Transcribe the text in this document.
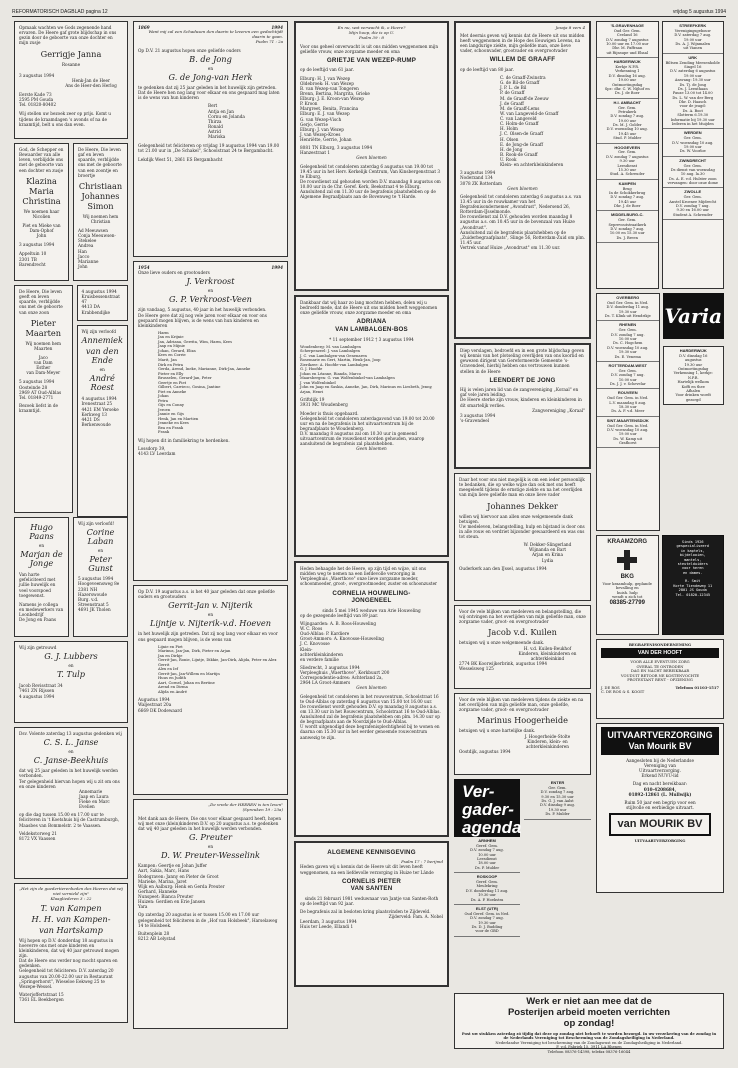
REFORMATORISCH DAGBLAD pagina 12	vrijdag 5 augustus 1994
Opmaak wachten we Gods zegenende hand ervaren. De Heere gaf grote blijdschap in ons gezin door de geboorte van onze dochter en mijn zusje
Gerrigje Janna
Rosanne
3 augustus 1994
Henk-Jan de Heer
Ans de Heer-den Herlog
Eerste Kade 73
2595 PM Gouda
Tel. 01820-80402
Wij stellen uw bezoek zeer op prijs. Komt u tijdens de kraamdagen 's avonds of na de kraamtijd, belt u ons dan even.
God, de Schepper en Bewaarder van alle leven, verblijdde ons met de geboorte van een dochter en zusje
Klazina Maria Christina
We noemen haar Nicolien
Piet en Mieke van Dam-Ophof
John
3 augustus 1994
Appeltuin 10
2301 TB Barendrecht
De Heere, Die leven gaf en leven spaarde, verblijdde ons met de geboorte van een zoontje en broertje
Christiaan Johannes Simon
Wij noemen hem Christian
Ad Meeuwsen
Conja Meeuwsen-Stekelee
Andrea
Han
Jacco
Marianne
John
De Heere, Die leven geeft en leven spaarde, verblijdde ons met de geboorte van onze zoon
Pieter Maarten
Wij noemen hem Maarten
Jaco
van Dam
Esther
van Dam-Meyer
5 augustus 1994
Oosteinde 28
2969 AT Oud-Alblas
Tel. 01849-2771
Bezoek liefst in de kraamtijd.
4 augustus 1994
Kruisbessenstraat 47
4413 DA
Krabbendijke
Wij zijn verloofd
Annemiek
van den Ende
en
André Roest
4 augustus 1994
Irenestraat 25
4421 EM Yerseke
Kerkweg 13
4421 DS
Berkenwoude
Hugo Paans
en
Marjan de Jonge
Van harte gefeliciteerd met jullie huwelijk en veel voorspoed toegewenst.
Namens je collega en medewerkers van Loonbedrijf
De Jong en Paans
Wij zijn verloofd!
Corine Laban
en
Peter Gunst
5 augustus 1994
Hoogeveensweg 8e
2381 NH
Hazerswoude
Burg. v.d.
Streenstraat 5
4691 JK Tholen
Wij zijn getrouwd
G. J. Lubbers
en
T. Tulp
Jacob Revisstraat 34
7461 ZN Rijssen
4 augustus 1994
Dsv. Volente zaterdag 13 augustus gedenken wij
C. S. L. Janse
en
C. Janse-Beekhuis
dat wij 25 jaar geleden in het huwelijk werden verbonden.
Ter gelegenheid hiervan hopen wij u zit om ons en onze kinderen
Annemarie
Jaap en Laura
Fieke en Marc
Evelien
op die dag tussen 15.00 en 17.00 uur te feliciteren in 't Koetshuis bij de Castrumburgh, Maasbes van Bommelstr. 2 te Vaassen.
Veldekstorweg 21
8172 VX Vaassen
„Het zijn de goedertierenheden des Heeren dat wij niet vernield zijn"
Klaagliederen 3 : 22
T. van Kampen
H. H. van Kampen-
van Hartskamp
Wij hopen op D.V. donderdag 18 augustus in hoeverre ons met onze kinderen en kleinkinderen, dat wij 40 jaar getrouwd mogen zijn.
Dat de Heere ons verder nog mocht sparen en gedenken.
Gelegenheid tot feliciteren: D.V. zaterdag 20 augustus van 20.00-22.00 uur in Restaurant „Springerhorst", Wieseloe Eekweg 25 te Wezepe-Wessel.
Waterjoffertstraat 15
7361 EL Beekbergen
1869	1994
Want mij zal een Schadusen den daarin te leveren een gedachtijdt daarin te gaan.
Psalm 71 : 2a
Op D.V. 21 augustus hopen onze geliefde ouders
B. de Jong
en
G. de Jong-van Herk
te gedenken dat zij 25 jaar geleden in het huwelijk zijn getreden.
Dat de Heere hen nog lang voor elkaar en ons gespaard mag laten is de wens van hun kinderen
Bert
Antja en Jan
Cornu en Jolanda
Thirza
Ronald
Astrid
Mariska
Gelegenheid tot feliciteren op vrijdag 19 augustus 1994 van 19.00 tot 21.00 uur in „De Schakel", Schoolstraat 24 te Bergambacht.
Lekdijk West 51, 2861 ES Bergambacht
1954	1994
Onze lieve ouders en grootouders
J. Verkroost
en
G. P. Verkroost-Veen
zijn vandaag, 5 augustus, 40 jaar in het huwelijk verbonden.
De Heere geve dat zij nog vele jaren voor elkaar en voor ons gespaard mogen blijven, is de wens van hun kinderen en kleinkinderen
Harm
Jan en Krijnie
Jan, Adriana, Gerrita, Wim, Harm, Kees
Jaap en Mijnie
Johan, Gerard, Eliza
Kees en Corrie
Marit, Jan
Dirk en Petra
Gerda, Arend, Ineke, Marianne, Dirk-Jan, Anneke
Pieter en Elly
Brusselen, Gerard-Jan, Peter
Geertje en Piet
Gilbert, Carrieco, Gosina, Jantine
Piet en Anneke
Johan
Petra
Gijs en Conny
Jeroen
Jannie en Gijs
Henk, Jan en Martien
Jenneke en Kees
Bea en Frank
Frank
Wij hopen dit in familiekring te herdenken.
Lossdorp 39,
4143 LV Leerdam
Op D.V. 19 augustus a.s. is het 40 jaar geleden dat onze geliefde ouders en grootouders
Gerrit-Jan v. Nijterik
en
Lijntje v. Nijterik-v.d. Hoeven
in het huwelijk zijn getreden. Dat zij nog lang voor elkaar en voor ons gespaard mogen blijven, is de wens van
Lijnie en Piet
Marinus, Jan-Jan, Dirk, Pieter en Arjan
Jan en Dirkje
Gerrit-Jan, Ronie, Lijntje, Dikkie, Jan-Dirk, Alijda, Peter en Alex
Gerrit
Alex en Ief
Gerrit-Jan, Jan-Willem en Martijn
Huus en Judith
Aart, Cornel, Johan en Bertine
Arend en Dirma
Alijda en André
Augustus 1994
Waljestraat 20a
6669 DK Dodewaard
„De vrede der HEEREN is ten leven"
(Spreuken 19 : 23a)
Met dank aan de Heere, Die ons voor elkaar gespaard heeft, hopen wij met onze (klein)kinderen D.V. op 20 augustus a.s. te gedenken dat wij 40 jaar geleden in het huwelijk werden verbonden.
G. Preuter
en
D. W. Preuter-Wesselink
Kampen: Geertje en Johan Juffer
Aart, Sakia, Marc, Hans
Bodegraven: Janny en Pieter de Groot
Marieke, Marina, Jaret
Wijk en Aalburg: Henk en Gerda Preuter
Gerhard, Hanneke
Nunspeet: Bianca Preuter
Huizen: Gerdien en Erie Jansen
Yara
Op zaterdag 20 augustus is er tussen 15.00 en 17.00 uur gelegenheid tot feliciteren in de „Hof van Holsbeek", Harselaweg 14 te Holsbeek.
Buitenplein 28
8212 AB Lelystad
En nu, wat verwacht ik, o Heere?
Mijn hoop, die is op U.
Psalm 39 : 8
Voor ons geheel onverwacht is uit ons midden weggenomen mijn geliefde vrouw, onze zorgzame moeder en oma
GRIETJE VAN WEZEP-RUMP
op de leeftijd van 61 jaar.
Elburg: H. J. van Wezep
Oldebroek: H. van Wezep
B. van Wezep-van Tongeren
Brenn, Bertina, Margrita, Grieke
Elburg: J. E. Kroon-van Wezep
P. Kroon
Margreet, Benita, Francina
Elburg: E. J. van Wezep
G. van Wezep-Visch
Gerjo, Gerrie
Elburg: J. van Wezep
J. van Wezep-Kroes
Henriëtte, Gerrie, Johan
8081 TN Elburg, 3 augustus 1994
Hanzestraat 1
Geen bloemen
Gelegenheid tot condoleren zaterdag 6 augustus van 19.00 tot 19.45 uur in het Herv. Kerkelijk Centrum, Van Kinsbergenstraat 3 te Elburg.
De rouwdienst zal gehouden worden D.V. maandag 8 augustus om 10.00 uur in de Chr. Geref. Kerk, Beekstraat 4 te Elburg.
Aansluitend zal om 11.30 uur de begrafenis plaatshebben op de Algemene Begraafplaats aan de Bovenweg te 't Harde.
Dankbaar dat wij haar zo lang mochten hebben, delen wij u bedroefd mede, dat de Heere uit ons midden heeft weggenomen onze geliefde vrouw, onze zorgzame moeder en oma
ADRIANA
VAN LAMBALGEN-BOS
* 11 september 1912 † 3 augustus 1994
Woudenberg: M. van Lambalgen
Scherpenzeel: J. van Lambalgen
J. C. van Lambalgen-van Oenenaren
Rosemarie en Gert, Martin, Henk-Jan, Joop
Zierikzee: A. Hoofde-van Lambalgen
G. J. Hoofde
Johan en Léanne, Rianda, Marco
Maarsbergen: G. van Wolfenbinkel-van Lambalgen
J. van Wolfenbinkel
John en Jaap en Saskia, Anneke, Jan, Dirk, Marinus en Liesbeth, Jenny, Arjan, Henri
Griftdijk 19
3931 MC Woudenberg
Moeder is thuis opgebaard.
Gelegenheid tot condoleren zaterdagavond van 19.00 tot 20.00 uur en na de begrafenis in het uitvaartcentrum bij de begraafplaats te Woudenberg.
D.V. maandag 8 augustus zal om 10.30 uur in gemeend uitvaartcentrum de rouwdienst worden gehouden, waarop aansluitend de begrafenis zal plaatshebben.
Geen bloemen
Heden behaagde het de Heere, op zijn tijd en wijze, uit ons midden weg te nemen na een liefdevolle verzorging in Verpleeghuis „Waerthove" onze lieve zorgzame moeder, schoonmoeder, groot-, overgrootmoeder, zuster en schoonzuster
CORNELIA HOUWELING-
JONGENEEL
sinds 5 mei 1945 weduwe van Arie Houweling
op de gezegende leeftijd van 89 jaar.
Wijngaarden: A. B. Roos-Houweling
W. C. Roos
Oud-Alblas: P. Kardiere
Groot-Ammers: A. Knovosse-Houweling
J. C. Knovosse
Klein-
achterkleinkinderen
en verdere familie
Sliedrecht, 3 augustus 1994
Verpleeghuis „Waerthove", Kerkbuurt 200
Correspondentie-adres: Achterland 2a,
2964 LA Groot-Ammers
Geen bloemen
Gelegenheid tot condoleren in het rouwcentrum, Schoolstraat 16 te Oud-Alblas op zaterdag 6 augustus van 15.00 tot 16.00 uur.
De rouwdienst wordt gehouden D.V. op maandag 8 augustus a.s. om 13.30 uur in het Rouwcentrum, Schoolstraat 16 te Oud-Alblas.
Aansluitend zal de begrafenis plaatshebben om plm. 14.30 uur op de begraafplaats aan de Noordzijde te Oud-Alblas.
U wordt uitgenodigd deze begrafenisplechtigheid bij te wonen en daarna om 15.30 uur in het eerder genoemde rouwcentrum aanwezig te zijn.
ALGEMENE KENNISGEVING
Psalm 17 : 7 berijmd
Heden gaven wij u kennis dat de Heere uit dit leven heeft weggenomen, na een liefdevolle verzorging in Huize ter Lände
CORNELIS PIETER
VAN SANTEN
sinds 21 februari 1981 weduwnaar van Jantje van Santen-Roth
op de leeftijd van 92 jaar.
De begrafenis zal in besloten kring plaatsvinden te Zijdeveld.
Zijderveld: Fam. A. Nobel
Leerdam, 3 augustus 1994
Huis ter Leede, Ellandi 1
Jesaja 8 vers 4
Met deernis geven wij kennis dat de Heere uit ons midden heeft weggenomen in de Hope des Eeuwigen Levens, na een langdurige ziekte, mijn geliefde man, onze lieve vader, schoonvader, grootvader en overgrootvader
WILLEM DE GRAAFF
op de leeftijd van 80 jaar.
C. de Graaff-Zwinstra
G. de Bil-de Graaff
J. P. L. de Bil
P. de Graaff
M. de Graaff-de Zeeuw
J. de Graaff
M. de Graaff-Lems
W. van Langeveld-de Graaff
C. van Langeveld
C. Holm-de Graaff
H. Holm
J. C. Olsen-de Graaff
H. Olsen
E. de Jong-de Graaff
H. de Jong
B. Rook-de Graaff
U. Rook
Klein- en achterkleinkinderen
3 augustus 1994
Noderzand 134
3078 ZK Rotterdam
Geen bloemen
Gelegenheid tot condoleren zaterdag 6 augustus a.s. van 13.45 uur in de rouwkamer van het Begrafenisondernemer „Avondrust", Nedersend 26, Rotterdam-IJsselmonde.
De rouwdienst zal D.V. gehouden worden maandag 8 augustus a.s. om 10.45 uur in de bovenzaal van Huize „Avondrust".
Aansluitend zal de begrafenis plaatshebben op de „Zuiderbegraafplaats", Slinge 56, Rotterdam-Zuid om plm. 11.45 uur.
Vertrek vanaf Huize „Avondrust" om 11.30 uur.
Diep verslagen, bedroefd en in een grote blijdschap geven wij kennis van het plotseling overlijden van ons koorlid en gewezen dirigent van Gereformeerde Gemeente 's-Gravendeel, hierbij hebben ons vertrouwen kunnen stellen in de Heere
LEENDERT DE JONG
Hij is velen jaren lid van de zangvereniging „Koraal" en gaf vele jaren leiding.
De Heere sterke zijn vrouw, kinderen en kleinkinderen in dit smartelijk verlies.
Zangvereniging „Koraal"
3 augustus 1994
's-Gravendeel
Daar het voor ons niet mogelijk is om een ieder persoonlijk te bedanken, die op welke wijze dan ook met ons heeft meegeleefd tijdens de ernstige ziekte en na het overlijden van mijn lieve geliefde man en onze lieve vader
Johannes Dekker
willen wij hiervoor aan allen onze welgemeende dank betuigen.
Uw medeleven, belangstelling, hulp en bijstand is door ons in alle rouw en verdriet bijzonder gewaardeerd en was ons tot steun.
W. Dekker-Slingerland
Wijnanda en Bart
Arjan en Krina
Lydia
Ouderkerk aan den IJssel, augustus 1994
Voor de vele blijken van medeleven en belangstelling, die wij ontvingen na het overlijden van mijn geliefde man, onze zorgzame vader, groot- en overgrootvader
Jacob v.d. Kuilen
betuigen wij u onze welgemeende dank.
H. v.d. Kuilen-Beukhof
Kinderen, kleinkinderen en achterkleinkind
2774 BK Koorwijkerbrink, augustus 1994
Wesselsweg 125
Voor de vele blijken van medeleven tijdens de ziekte en na het overlijden van mijn geliefde man, onze geliefde, zorgzame vader, groot- en overgrootvader
Marinus Hoogerheide
betuigen wij u onze hartelijke dank.
J. Hoogerheide-Stolte
Kinderen, klein- en achterkleinkinderen
Oostdijk, augustus 1994
Ver-
gader-
agenda
ARNHEM
Geref. Gem.
D.V. zondag 7 aug.
10.00 uur
Leesdienst
18.00 uur
Ds. P. Mulder
ROSKOOP
Geref. Gem.
Meulekring
D.V. donderdag 11 aug.
19.30 uur
Ds. A. P. Hoekstra
ELST (UTR)
Oud Geref. Gem. in Ned.
D.V. zondag 7 aug.
19.30 uur
Ds. D. J. Budding
voor de GBD
ENTER
Ger. Gem.
D.V. zondag 7 aug.
9.30 en 15.30 uur
Ds. G. J. van Aalst
D.V. dinsdag 9 aug.
19.30 uur
Ds. P. Mulder
'S-GRAVENHAGE
Oud Ger. Gem.
Ceeland 16
D.V. zondag 7 augustus
10.00 uur en 17.00 uur
Dhr. M. Paffraan
uit Rijnsupe und Ebaal
HARDERWIJK
Kerkje N.P.R.
Verkenning 1
D.V. dinsdag 16 aug.
19.00 uur
Ontmoetingsdag
Spr.: dhr. C. W. Nijhof en
Ds. J. de Boer
H.I. AMBACHT
Ger. Gem.
Petrakerk
D.V. zondag 7 aug.
19.00 uur
Ds. M. J. Golder
D.V. woensdag 10 aug.
19.45 uur
Stud. P. Mulder
HOOGEVEEN
Ger. Gem.
D.V. zondag 7 augustus
9.30 uur
Leesdienst
15.30 uur
Stud. A. Schreuder
KAMPEN
Brug
In de Schokkerbrug
D.V. zondag 7 aug.
19.45 uur
Dhr. J. de Boer
MIDDELBURG-C.
Ger. Gem.
Seprevoutstraatkerk
D.V. zondag 7 aug.
10.00 en 15.30 uur
Ds. J. Breen
STREEFKERK
Verenigingsgebouw
D.V. zaterdag 7 aug.
19.00 uur
Ds. A. J. Wijnmalen
uit Vianen
URK
Biltsen Zending Meesenholde
Singel 16
D.V. zaterdag 6 augustus
19.00 uur
Ansvang: 19.30 uur
Ds. Tj. de Jong
Ds. J. Leeuthaan
Pauze 13.00 tot 14.00
Ds. L. W. van der Berg
Dhr. D. Haasch
voor de jeugd:
Ds. A. Boot
Slotterm 6.19.30
Informatie bij 19.30 uur
Iederen in het Muijden
WERDEN
Ger. Gem.
D.V. woensdag 10 aug.
19.00 uur
Ds. W. Voorloe
ZWINDRECHT
Ger. Gem.
Ds dienst van woensdag
10 aug. la.30
Ds. A. E. v.d. Hulster zoon
vervangen: door ozue dome
ZWOLLE
Ger. Gem.
Anstel Kroenee Mijdrecht
D.V. zondag 7 aug.
9.30 en 16.00 uur
Student A. Schreuder
OVERBERG
Oud Ger. Gem. in Ned.
D.V. donderdag 11 aug.
19.30 uur
Ds. T. Klink uit Hendrikje
RHENEN
Ger. Gem.
D.V. zondag 7 aug.
10.00 uur
Ds. C. Hogchem
D.V. woensdag 10 aug.
19.30 uur
Ds. E. Venema
ROTTERDAM-WEST
Ger. Gem.
D.V. zondag 7 aug.
10.00 uur
Ds. J. J. v. Schevelar
ROUVEEN
Oud Ger. Gem. in Ned.
L.V. maandag 8 aug.
18.30 uur
Ds. A. F. v.d. Meer
SINT-MAARTENSDIJK
Oud Ger. Gem. in Ned.
D.V. woensdag 10 aug.
19.00 uur
Ds. W. Kamp uit
Grafhorst
Varia
HARDERWIJK
D.V. dinsdag 16
augustus
19.30 uur
Ontmoetingsdag
Verkenning 1, kerkje:
N.P.R.
Hartelijk welkom
Koffi en thee
Afhalen
Voor drinken wordt
gezorgd
KRAAMZORG
BKG
Voor kraamhulp, geplande bevalling en
huish. hulp
wendt u zich tot
08385-27799
Sinds 1926
gespecialiseerd
in kaptels,
bijdelooien,
mantels,
steutelduiders
voor heren
en dames.

R. Smit
Korte Tiendeweg 11
2801 JS Gouda
Tel. 01820-12345
BEGRAFENISONDERNEMING
VAN DER HOOFT
VOOR ALLE EVENTUEN ZORG
OVERAL TE ONTBODEN
DAG EN NACHT BEREIKBAAR
VOUDUIT BETOOR NE KOSTENVOCHTE
PROTESTANT RENT - OPZIENING
J. DE ROS
C. DE ROS & S. KOOIT
Telefoon 01103-1517
UITVAARTVERZORGING
Van Mourik BV
Aangesloten bij de Nederlandse
Vereniging van
Uitvaartverzorging.
Erkend NUVU-lid
Dag en nacht bereikbaar:
010-4208684,
01892-12861 (L. Mullwijk)
Ruim 50 jaar een begrip voor een
stijlvolle en eerbiedige uitvaart.
van MOURIK BV
UITVAARTVERZORGING
Werk er niet aan mee dat de
Posterijen arbeid moeten verrichten
op zondag!
Post uw stukken zaterdag zó tijdig dat deze op zondag niet behoeft te worden bezorgd. In uw verzekering van de zondag in de Nederlands Vereniging tot Bescherming van de Zondagsheiliging in Nederland.
Nederlandse Vereniging tot bescherming van de Zondagsrust en de Zondagsheiliging in Nederland.
F. v.d. Fabriek 15, 3911 LA Rhenen
Telefoon 08376-14398, telefax 08376-16044
